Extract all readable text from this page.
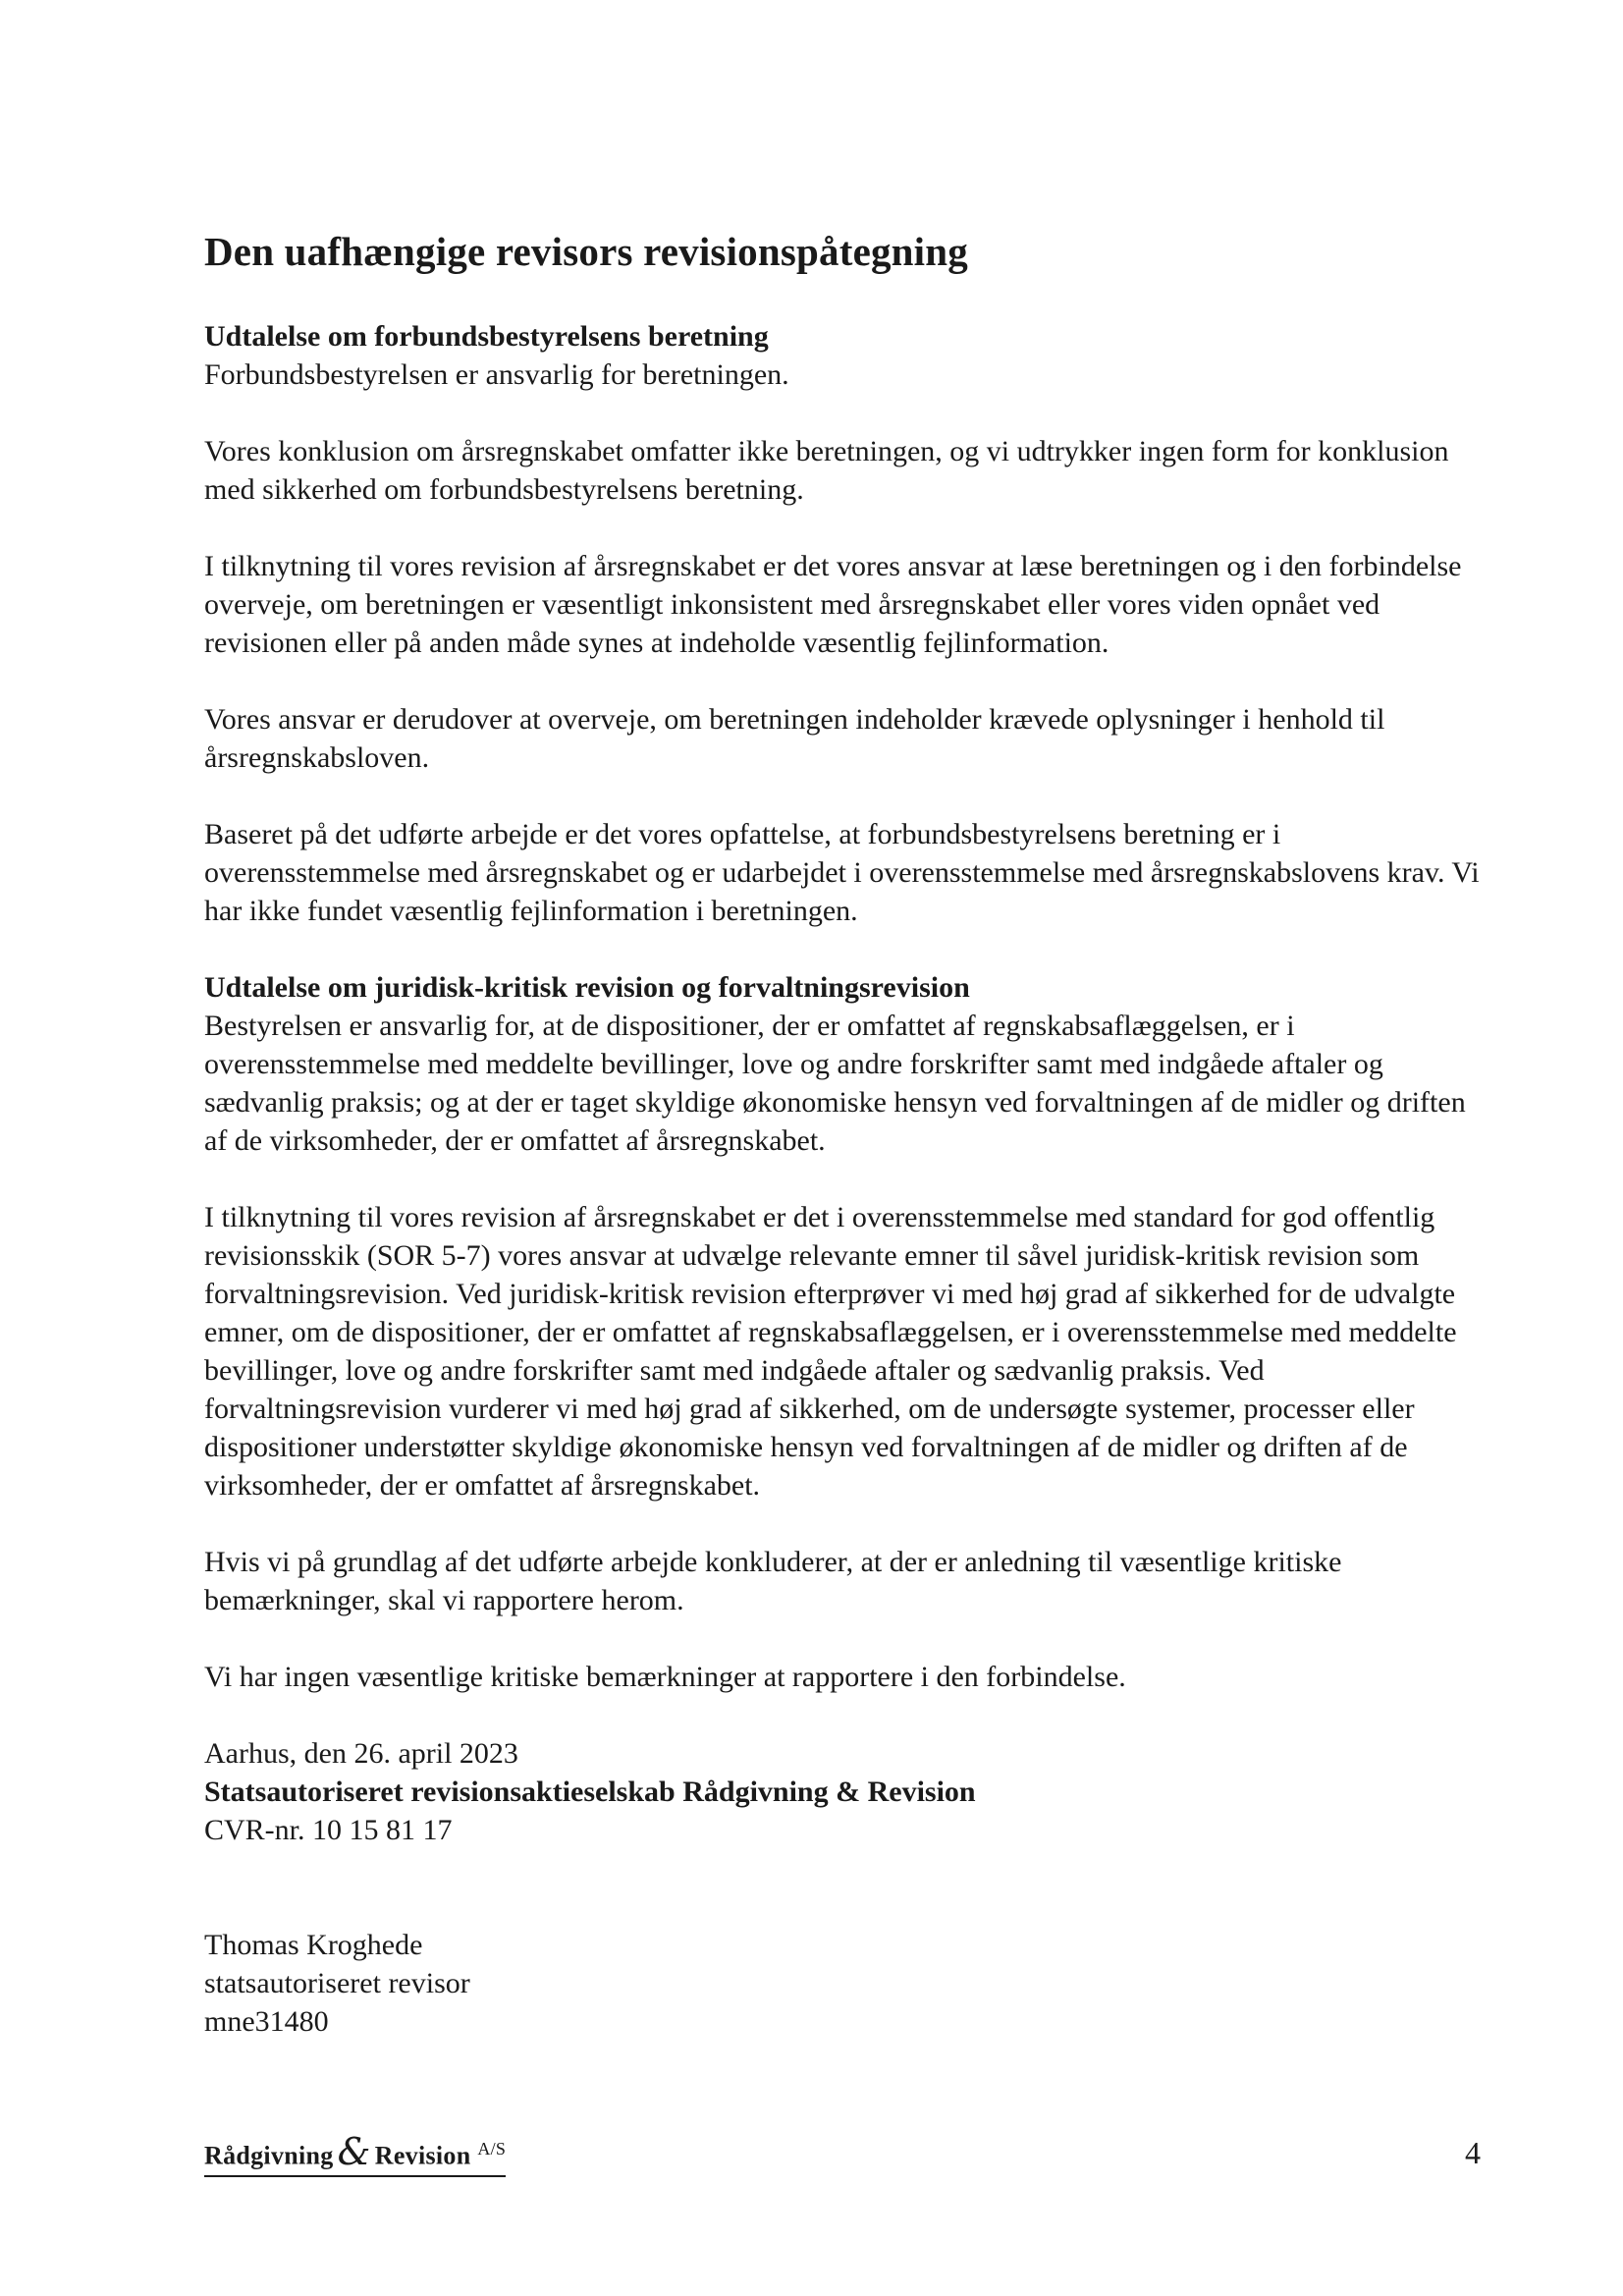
Den uafhængige revisors revisionspåtegning
Udtalelse om forbundsbestyrelsens beretning

Forbundsbestyrelsen er ansvarlig for beretningen.

Vores konklusion om årsregnskabet omfatter ikke beretningen, og vi udtrykker ingen form for konklusion med sikkerhed om forbundsbestyrelsens beretning.

I tilknytning til vores revision af årsregnskabet er det vores ansvar at læse beretningen og i den forbindelse overveje, om beretningen er væsentligt inkonsistent med årsregnskabet eller vores viden opnået ved revisionen eller på anden måde synes at indeholde væsentlig fejlinformation.

Vores ansvar er derudover at overveje, om beretningen indeholder krævede oplysninger i henhold til årsregnskabsloven.

Baseret på det udførte arbejde er det vores opfattelse, at forbundsbestyrelsens beretning er i overensstemmelse med årsregnskabet og er udarbejdet i overensstemmelse med årsregnskabslovens krav. Vi har ikke fundet væsentlig fejlinformation i beretningen.

Udtalelse om juridisk-kritisk revision og forvaltningsrevision

Bestyrelsen er ansvarlig for, at de dispositioner, der er omfattet af regnskabsaflæggelsen, er i overensstemmelse med meddelte bevillinger, love og andre forskrifter samt med indgåede aftaler og sædvanlig praksis; og at der er taget skyldige økonomiske hensyn ved forvaltningen af de midler og driften af de virksomheder, der er omfattet af årsregnskabet.

I tilknytning til vores revision af årsregnskabet er det i overensstemmelse med standard for god offentlig revisionsskik (SOR 5-7) vores ansvar at udvælge relevante emner til såvel juridisk-kritisk revision som forvaltningsrevision. Ved juridisk-kritisk revision efterprøver vi med høj grad af sikkerhed for de udvalgte emner, om de dispositioner, der er omfattet af regnskabsaflæggelsen, er i overensstemmelse med meddelte bevillinger, love og andre forskrifter samt med indgåede aftaler og sædvanlig praksis. Ved forvaltningsrevision vurderer vi med høj grad af sikkerhed, om de undersøgte systemer, processer eller dispositioner understøtter skyldige økonomiske hensyn ved forvaltningen af de midler og driften af de virksomheder, der er omfattet af årsregnskabet.

Hvis vi på grundlag af det udførte arbejde konkluderer, at der er anledning til væsentlige kritiske bemærkninger, skal vi rapportere herom.

Vi har ingen væsentlige kritiske bemærkninger at rapportere i den forbindelse.

Aarhus, den 26. april 2023
Statsautoriseret revisionsaktieselskab Rådgivning & Revision
CVR-nr. 10 15 81 17
Thomas Kroghede
statsautoriseret revisor
mne31480
Rådgivning & Revision $^{A/S}$	4
